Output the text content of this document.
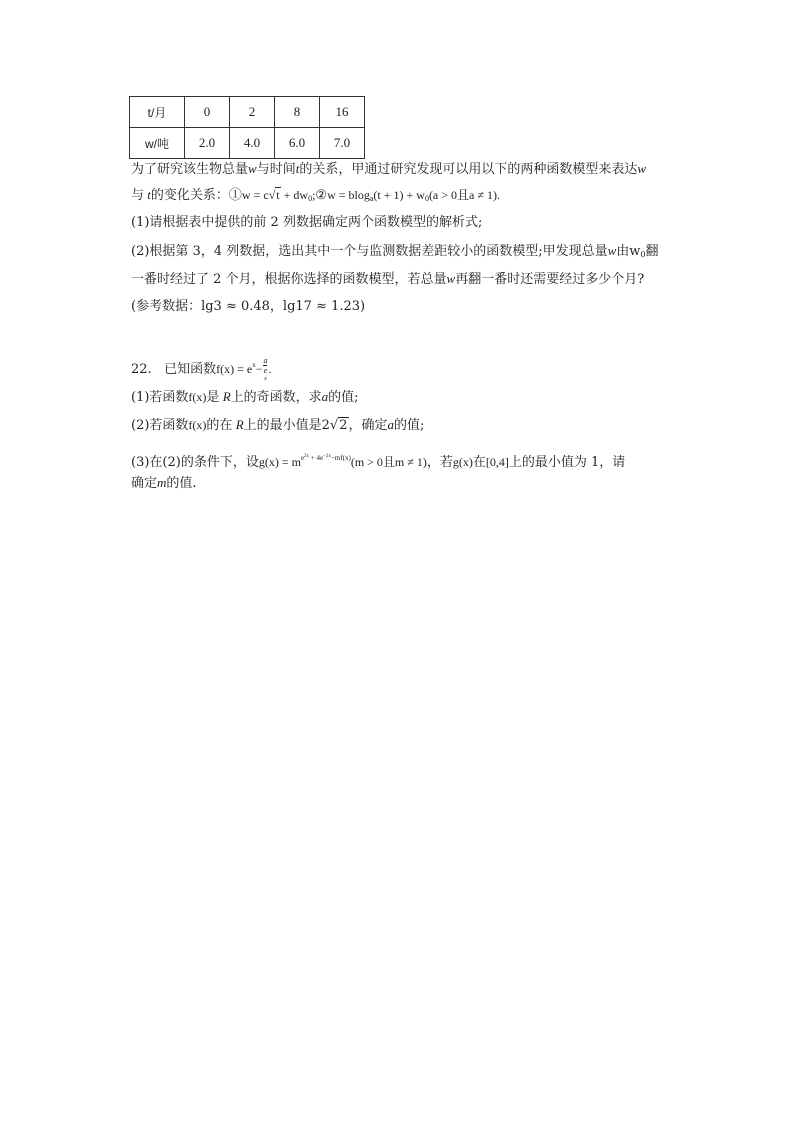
t/月	0	2	8	16
w/吨	2.0	4.0	6.0	7.0
为了研究该生物总量w与时间t的关系，甲通过研究发现可以用以下的两种函数模型来表达w
与 t的变化关系：①w = $c√t + dw_0;②w = blog_a(t + 1) + w_0(a > 0$且a ≠ 1).
(1)请根据表中提供的前 2 列数据确定两个函数模型的解析式;
(2)根据第 3，4 列数据，选出其中一个与监测数据差距较小的函数模型;甲发现总量w由$w_0$翻
一番时经过了 2 个月，根据你选择的函数模型，若总量w再翻一番时还需要经过多少个月?
(参考数据：lg3 ≈ 0.48，lg17 ≈ 1.23)
22. 已知函数$f(x) = e^x- a$
e
x .
(1)若函数f(x)是 R上的奇函数，求a的值;
(2)若函数f(x)的在 R上的最小值是2√2，确定a的值;
(3)在(2)的条件下，设$g(x) = m^{e^{2x} + 4e^{-2x}-mf(x)}(m > 0$且m ≠ 1)，若g(x)在[0,4]上的最小值为 1，请
确定m的值.
